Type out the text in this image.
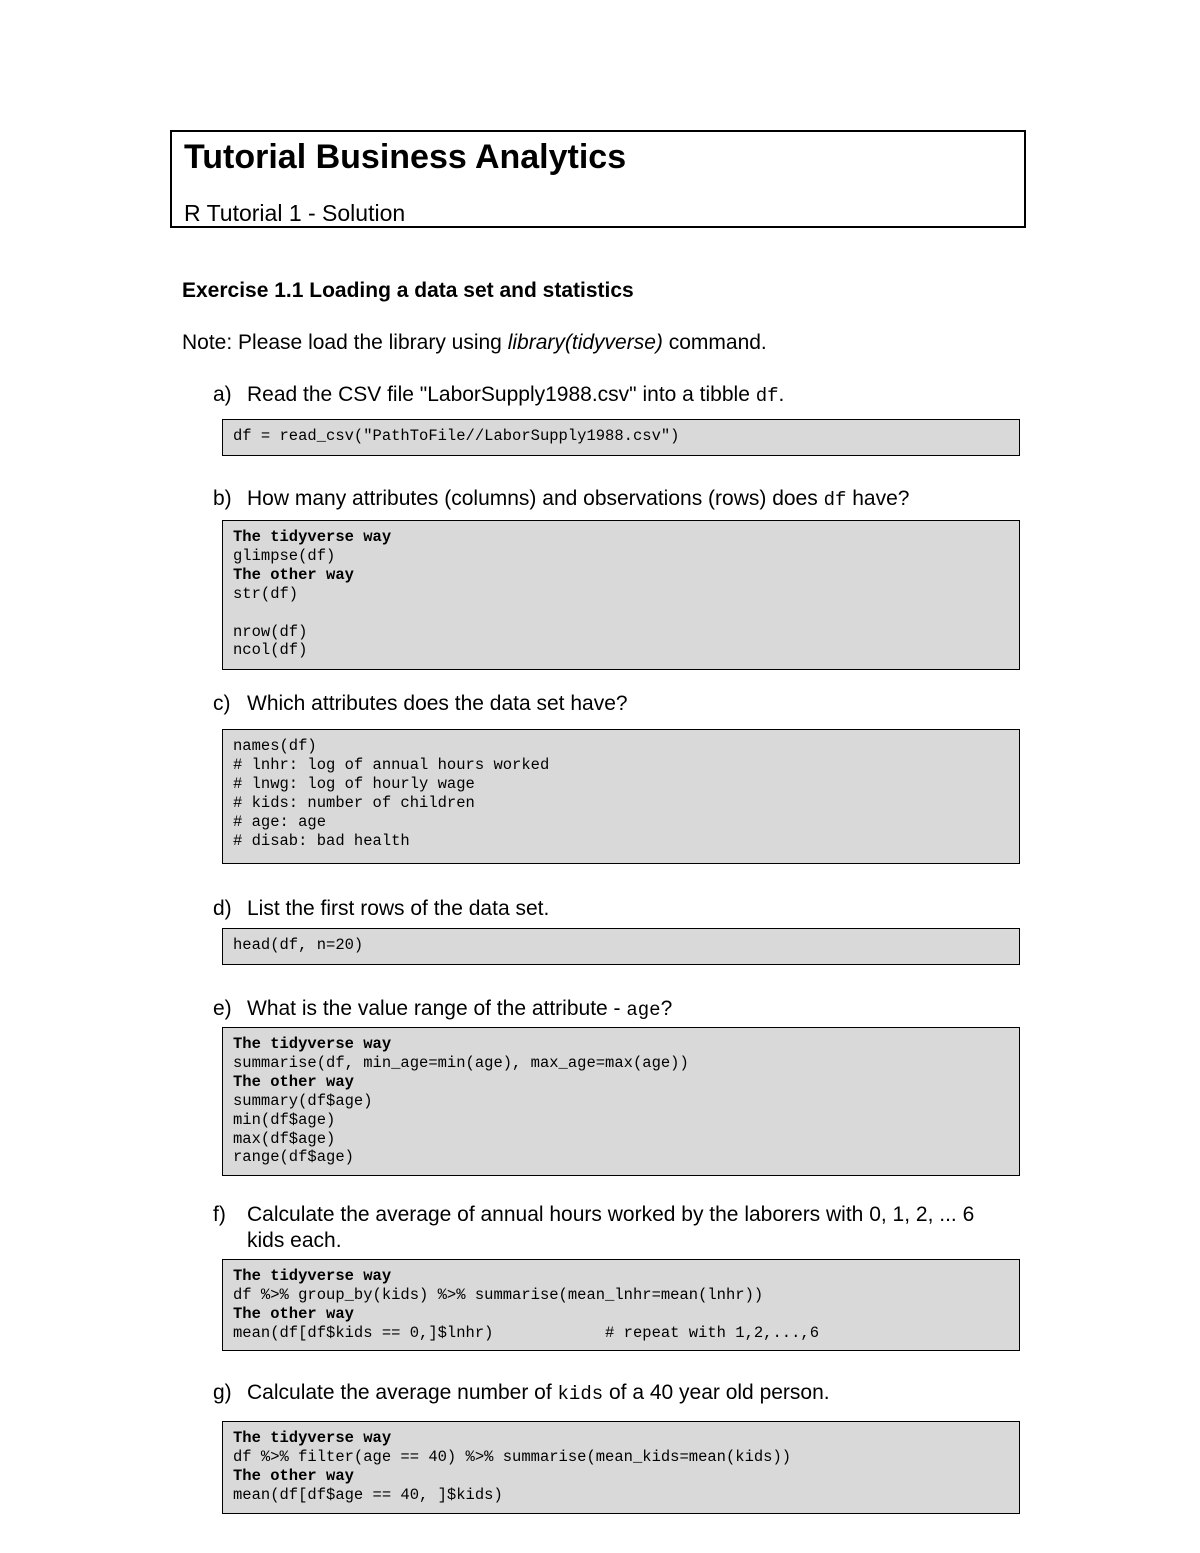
Tutorial Business Analytics
R Tutorial 1 - Solution
Exercise 1.1 Loading a data set and statistics
Note: Please load the library using library(tidyverse) command.
a) Read the CSV file "LaborSupply1988.csv" into a tibble df.
df = read_csv("PathToFile//LaborSupply1988.csv")
b) How many attributes (columns) and observations (rows) does df have?
The tidyverse way
glimpse(df)
The other way
str(df)
nrow(df)
ncol(df)
c) Which attributes does the data set have?
names(df)
# lnhr: log of annual hours worked
# lnwg: log of hourly wage
# kids: number of children
# age: age
# disab: bad health
d) List the first rows of the data set.
head(df, n=20)
e) What is the value range of the attribute - age?
The tidyverse way
summarise(df, min_age=min(age), max_age=max(age))
The other way
summary(df$age)
min(df$age)
max(df$age)
range(df$age)
f) Calculate the average of annual hours worked by the laborers with 0, 1, 2, ... 6
kids each.
The tidyverse way
df %>% group_by(kids) %>% summarise(mean_lnhr=mean(lnhr))
The other way
mean(df[df$kids == 0,]$lnhr)            # repeat with 1,2,...,6
g) Calculate the average number of kids of a 40 year old person.
The tidyverse way
df %>% filter(age == 40) %>% summarise(mean_kids=mean(kids))
The other way
mean(df[df$age == 40, ]$kids)
